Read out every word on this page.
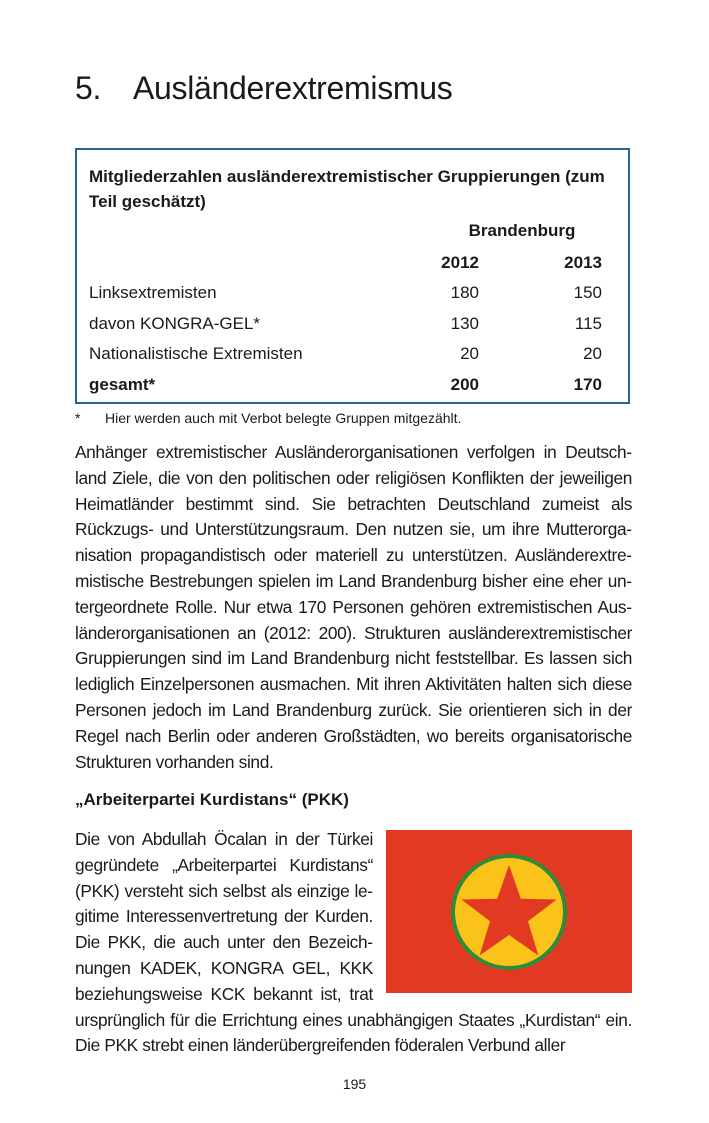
5. Ausländerextremismus
Mitgliederzahlen ausländerextremistischer Gruppierungen (zum Teil geschätzt)
Brandenburg
2012	2013
Linksextremisten	180	150
davon KONGRA-GEL*	130	115
Nationalistische Extremisten	20	20
gesamt*	200	170
* Hier werden auch mit Verbot belegte Gruppen mitgezählt.

Anhänger extremistischer Ausländerorganisationen verfolgen in Deutschland Ziele, die von den politischen oder religiösen Konflikten der jeweiligen Heimatländer bestimmt sind. Sie betrachten Deutschland zumeist als Rückzugs- und Unterstützungsraum. Den nutzen sie, um ihre Mutterorganisation propagandistisch oder materiell zu unterstützen. Ausländerextremistische Bestrebungen spielen im Land Brandenburg bisher eine eher untergeordnete Rolle. Nur etwa 170 Personen gehören extremistischen Ausländerorganisationen an (2012: 200). Strukturen ausländerextremistischer Gruppierungen sind im Land Brandenburg nicht feststellbar. Es lassen sich lediglich Einzelpersonen ausmachen. Mit ihren Aktivitäten halten sich diese Personen jedoch im Land Brandenburg zurück. Sie orientieren sich in der Regel nach Berlin oder anderen Großstädten, wo bereits organisatorische Strukturen vorhanden sind.

„Arbeiterpartei Kurdistans“ (PKK)

Die von Abdullah Öcalan in der Türkei gegründete „Arbeiterpartei Kurdistans“ (PKK) versteht sich selbst als einzige legitime Interessenvertretung der Kurden. Die PKK, die auch unter den Bezeichnungen KADEK, KONGRA GEL, KKK beziehungsweise KCK bekannt ist, trat ursprünglich für die Errichtung eines unabhängigen Staates „Kurdistan“ ein. Die PKK strebt einen länderübergreifenden föderalen Verbund aller

195
